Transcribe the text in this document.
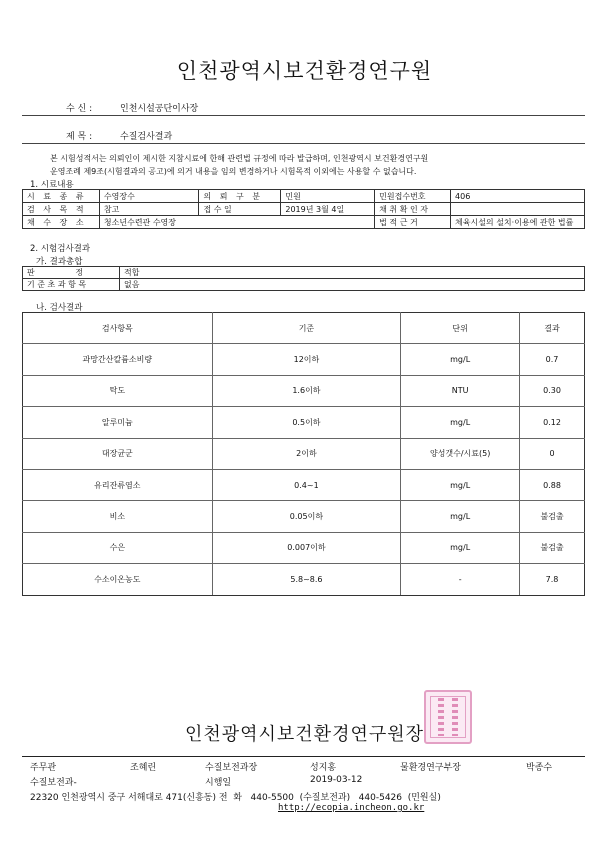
인천광역시보건환경연구원
수 신 :	인천시설공단이사장
제 목 :	수질검사결과
본 시험성적서는 의뢰인이 제시한 지참시료에 한해 관련법 규정에 따라 발급하며, 인천광역시 보건환경연구원
운영조례 제9조(시험결과의 공고)에 의거 내용을 임의 변경하거나 시험목적 이외에는 사용할 수 없습니다.
1. 시료내용
시 료 종 류	수영장수	의 뢰 구 분	민원	민원접수번호	406
검 사 목 적	참고	접 수 일	2019년 3월 4일	채 취 확 인 자	
채 수 장 소	청소년수련관 수영장			법 적 근 거	체육시설의 설치·이용에 관한 법률
2. 시험검사결과
가. 결과총합
판                정	적합
기 준 초 과 항 목	없음
나. 검사결과
검사항목	기준	단위	결과
과망간산칼륨소비량	12이하	mg/L	0.7
탁도	1.6이하	NTU	0.30
알루미늄	0.5이하	mg/L	0.12
대장균군	2이하	양성갯수/시료(5)	0
유리잔류염소	0.4~1	mg/L	0.88
비소	0.05이하	mg/L	불검출
수은	0.007이하	mg/L	불검출
수소이온농도	5.8~8.6	-	7.8
인천광역시보건환경연구원장
주무관	조혜린	수질보전과장	성지홍	물환경연구부장	박종수
수질보전과-	시행일	2019-03-12
22320 인천광역시 중구 서해대로 471(신흥동) 전  화   440-5500  (수질보전과)   440-5426  (민원실)
http://ecopia.incheon.go.kr
